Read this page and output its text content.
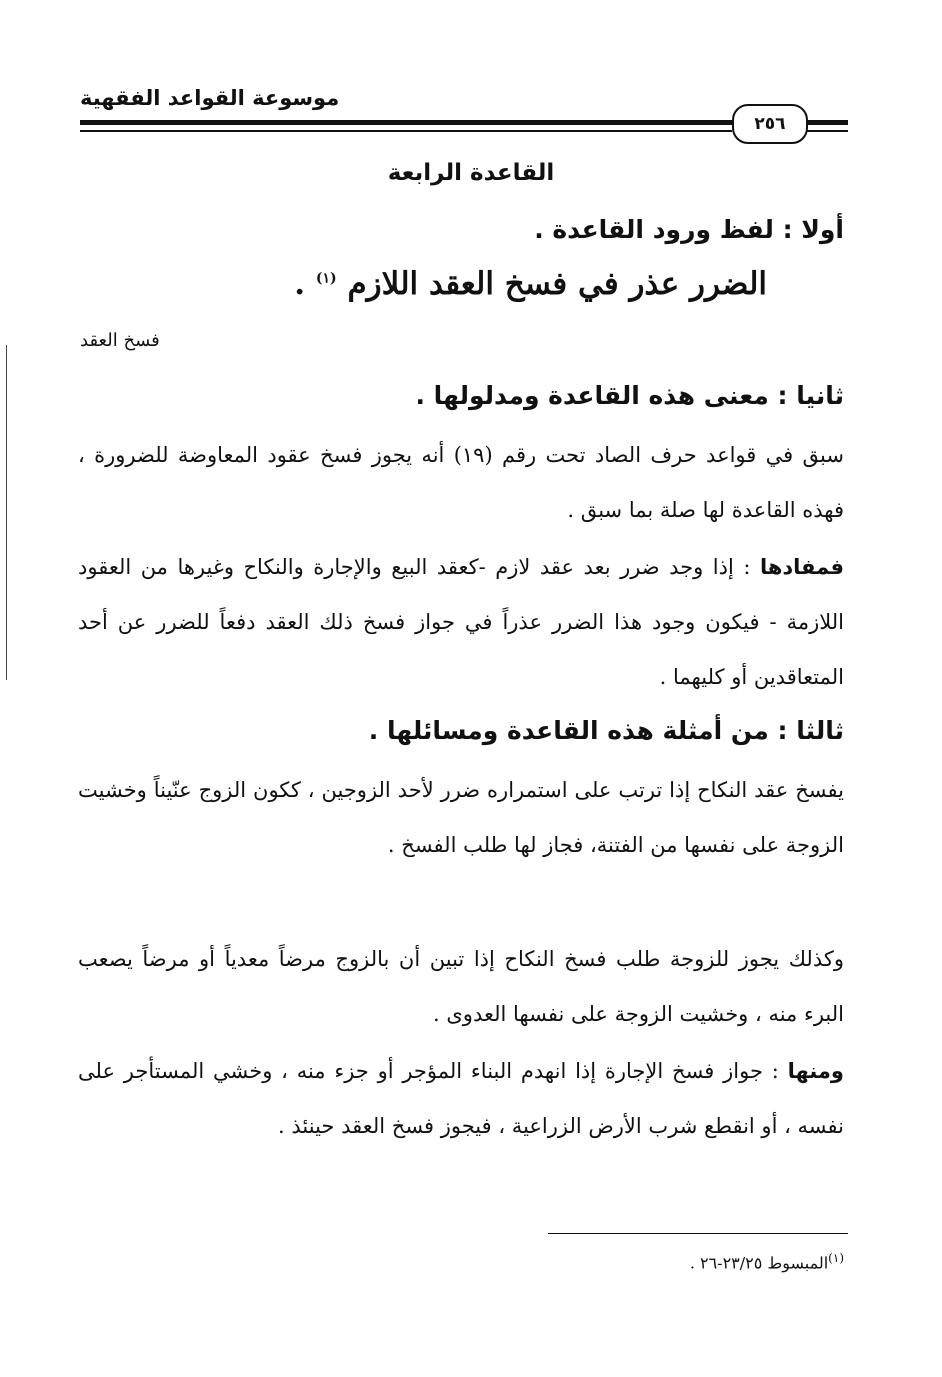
موسوعة القواعد الفقهية
٢٥٦
القاعدة الرابعة
أولا : لفظ ورود القاعدة .
الضرر عذر في فسخ العقد اللازم $^{(١)}$ .
فسخ العقد
ثانيا : معنى هذه القاعدة ومدلولها .
سبق في قواعد حرف الصاد تحت رقم (١٩) أنه يجوز فسخ عقود المعاوضة للضرورة ، فهذه القاعدة لها صلة بما سبق .
فمفادها : إذا وجد ضرر بعد عقد لازم -كعقد البيع والإجارة والنكاح وغيرها من العقود اللازمة - فيكون وجود هذا الضرر عذراً في جواز فسخ ذلك العقد دفعاً للضرر عن أحد المتعاقدين أو كليهما .
ثالثا : من أمثلة هذه القاعدة ومسائلها .
يفسخ عقد النكاح إذا ترتب على استمراره ضرر لأحد الزوجين ، ككون الزوج عنّيناً وخشيت الزوجة على نفسها من الفتنة، فجاز لها طلب الفسخ .
وكذلك يجوز للزوجة طلب فسخ النكاح إذا تبين أن بالزوج مرضاً معدياً أو مرضاً يصعب البرء منه ، وخشيت الزوجة على نفسها العدوى .
ومنها : جواز فسخ الإجارة إذا انهدم البناء المؤجر أو جزء منه ، وخشي المستأجر على نفسه ، أو انقطع شرب الأرض الزراعية ، فيجوز فسخ العقد حينئذ .
$^{(١)}$المبسوط ٢٣/٢٥-٢٦ .
